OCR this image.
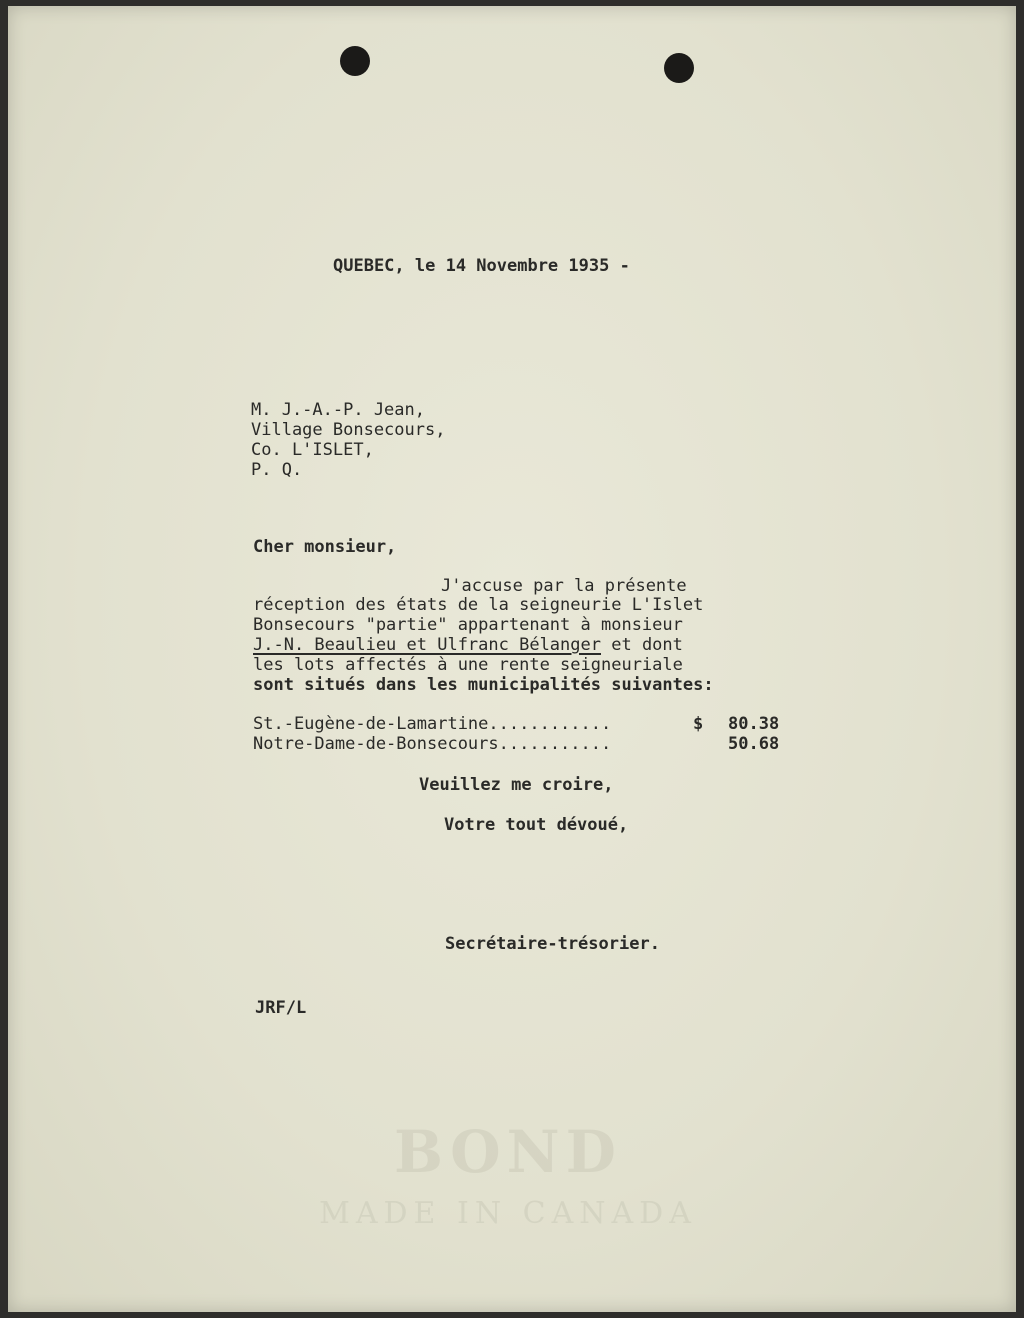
BOND
MADE IN CANADA
QUEBEC, le 14 Novembre 1935 -
M. J.-A.-P. Jean,
Village Bonsecours,
Co. L'ISLET,
P. Q.
Cher monsieur,
J'accuse par la présente
réception des états de la seigneurie L'Islet
Bonsecours "partie" appartenant à monsieur
J.-N. Beaulieu et Ulfranc Bélanger et dont
les lots affectés à une rente seigneuriale
sont situés dans les municipalités suivantes:
St.-Eugène-de-Lamartine............	$ 80.38
Notre-Dame-de-Bonsecours...........	50.68
Veuillez me croire,
Votre tout dévoué,
Secrétaire-trésorier.
JRF/L
